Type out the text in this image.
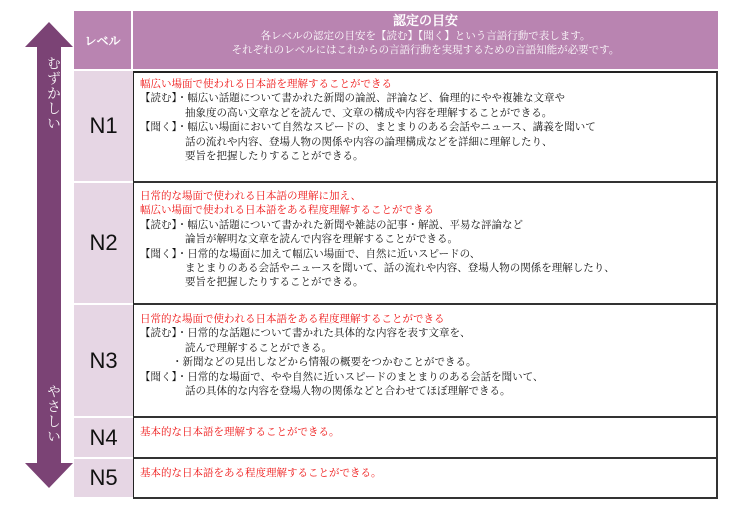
むずかしい
やさしい
レベル
認定の目安
各レベルの認定の目安を【読む】【聞く】という言語行動で表します。
それぞれのレベルにはこれからの言語行動を実現するための言語知能が必要です。
N1
幅広い場面で使われる日本語を理解することができる
【読む】・幅広い話題について書かれた新聞の論説、評論など、倫理的にやや複雑な文章や
抽象度の高い文章などを読んで、文章の構成や内容を理解することができる。
【聞く】・幅広い場面において自然なスピードの、まとまりのある会話やニュース、講義を聞いて
話の流れや内容、登場人物の関係や内容の論理構成などを詳細に理解したり、
要旨を把握したりすることができる。
N2
日常的な場面で使われる日本語の理解に加え、
幅広い場面で使われる日本語をある程度理解することができる
【読む】・幅広い話題について書かれた新聞や雑誌の記事・解説、平易な評論など
論旨が解明な文章を読んで内容を理解することができる。
【聞く】・日常的な場面に加えて幅広い場面で、自然に近いスピードの、
まとまりのある会話やニュースを聞いて、話の流れや内容、登場人物の関係を理解したり、
要旨を把握したりすることができる。
N3
日常的な場面で使われる日本語をある程度理解することができる
【読む】・日常的な話題について書かれた具体的な内容を表す文章を、
読んで理解することができる。
・新聞などの見出しなどから情報の概要をつかむことができる。
【聞く】・日常的な場面で、やや自然に近いスピードのまとまりのある会話を聞いて、
話の具体的な内容を登場人物の関係などと合わせてほぼ理解できる。
N4	基本的な日本語を理解することができる。
N5	基本的な日本語をある程度理解することができる。
